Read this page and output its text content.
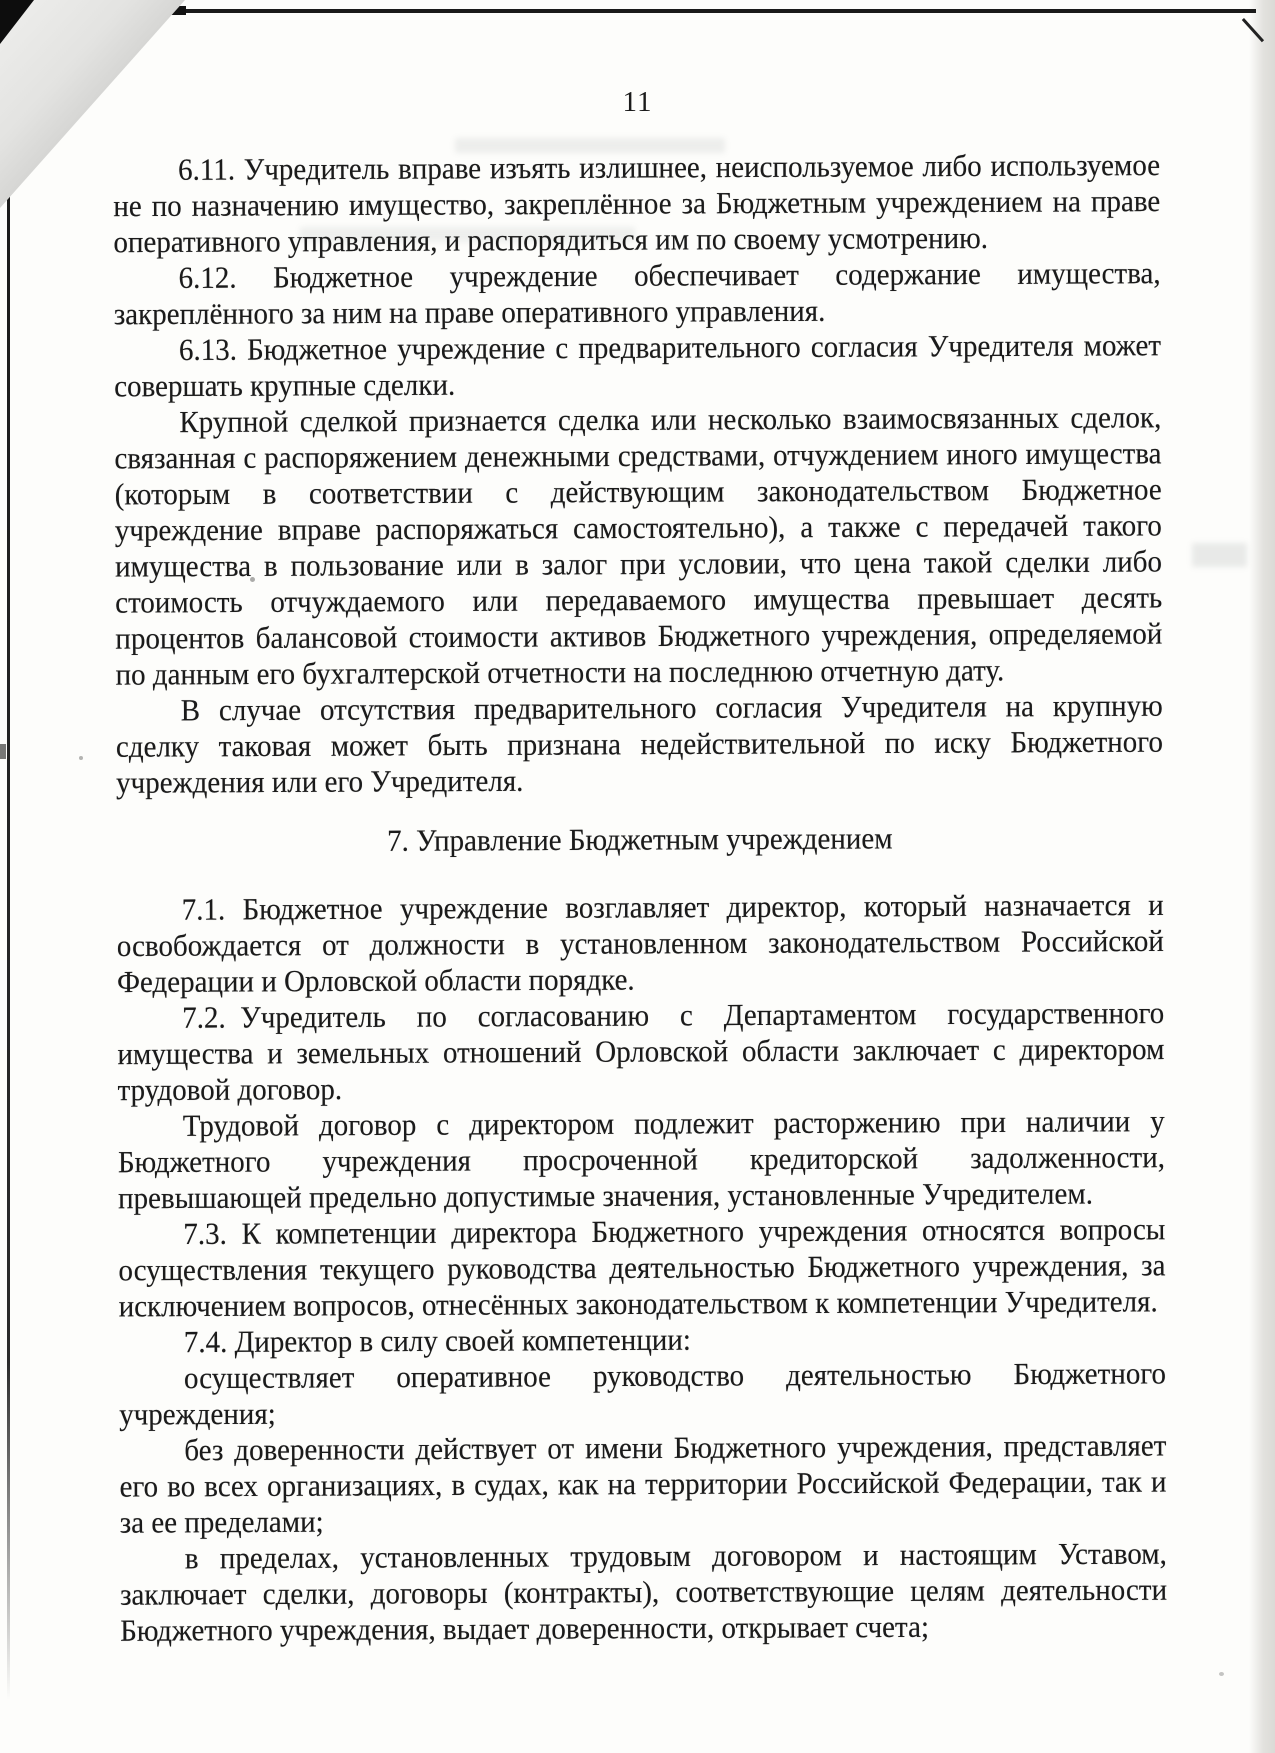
11

6.11. Учредитель вправе изъять излишнее, неиспользуемое либо используемое не по назначению имущество, закреплённое за Бюджетным учреждением на праве оперативного управления, и распорядиться им по своему усмотрению.

6.12. Бюджетное учреждение обеспечивает содержание имущества, закреплённого за ним на праве оперативного управления.

6.13. Бюджетное учреждение с предварительного согласия Учредителя может совершать крупные сделки.

Крупной сделкой признается сделка или несколько взаимосвязанных сделок, связанная с распоряжением денежными средствами, отчуждением иного имущества (которым в соответствии с действующим законодательством Бюджетное учреждение вправе распоряжаться самостоятельно), а также с передачей такого имущества в пользование или в залог при условии, что цена такой сделки либо стоимость отчуждаемого или передаваемого имущества превышает десять процентов балансовой стоимости активов Бюджетного учреждения, определяемой по данным его бухгалтерской отчетности на последнюю отчетную дату.

В случае отсутствия предварительного согласия Учредителя на крупную сделку таковая может быть признана недействительной по иску Бюджетного учреждения или его Учредителя.

7. Управление Бюджетным учреждением

7.1. Бюджетное учреждение возглавляет директор, который назначается и освобождается от должности в установленном законодательством Российской Федерации и Орловской области порядке.

7.2. Учредитель по согласованию с Департаментом государственного имущества и земельных отношений Орловской области заключает с директором трудовой договор.

Трудовой договор с директором подлежит расторжению при наличии у Бюджетного учреждения просроченной кредиторской задолженности, превышающей предельно допустимые значения, установленные Учредителем.

7.3. К компетенции директора Бюджетного учреждения относятся вопросы осуществления текущего руководства деятельностью Бюджетного учреждения, за исключением вопросов, отнесённых законодательством к компетенции Учредителя.

7.4. Директор в силу своей компетенции:

осуществляет оперативное руководство деятельностью Бюджетного учреждения;

без доверенности действует от имени Бюджетного учреждения, представляет его во всех организациях, в судах, как на территории Российской Федерации, так и за ее пределами;

в пределах, установленных трудовым договором и настоящим Уставом, заключает сделки, договоры (контракты), соответствующие целям деятельности Бюджетного учреждения, выдает доверенности, открывает счета;
